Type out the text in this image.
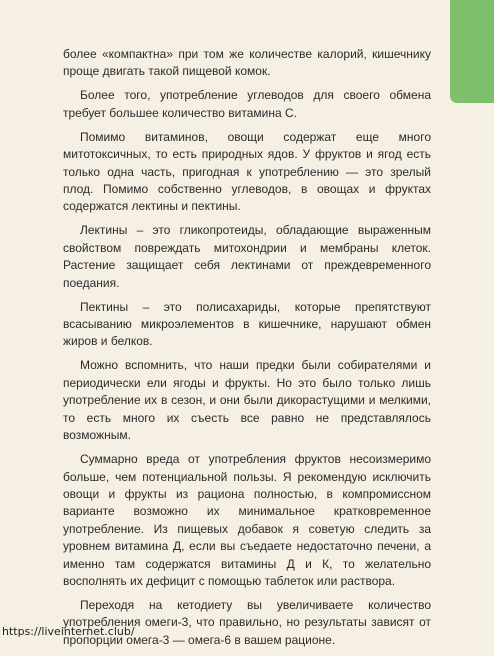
более «компактна» при том же количестве калорий, кишечнику проще двигать такой пищевой комок.

Более того, употребление углеводов для своего обмена требует большее количество витамина С.

Помимо витаминов, овощи содержат еще много митотоксичных, то есть природных ядов. У фруктов и ягод есть только одна часть, пригодная к употреблению — это зрелый плод. Помимо собственно углеводов, в овощах и фруктах содержатся лектины и пектины.

Лектины – это гликопротеиды, обладающие выраженным свойством повреждать митохондрии и мембраны клеток. Растение защищает себя лектинами от преждевременного поедания.

Пектины – это полисахариды, которые препятствуют всасыванию микроэлементов в кишечнике, нарушают обмен жиров и белков.

Можно вспомнить, что наши предки были собирателями и периодически ели ягоды и фрукты. Но это было только лишь употребление их в сезон, и они были дикорастущими и мелкими, то есть много их съесть все равно не представлялось возможным.

Суммарно вреда от употребления фруктов несоизмеримо больше, чем потенциальной пользы. Я рекомендую исключить овощи и фрукты из рациона полностью, в компромиссном варианте возможно их минимальное кратковременное употребление. Из пищевых добавок я советую следить за уровнем витамина Д, если вы съедаете недостаточно печени, а именно там содержатся витамины Д и К, то желательно восполнять их дефицит с помощью таблеток или раствора.

Переходя на кетодиету вы увеличиваете количество употребления омеги-3, что правильно, но результаты зависят от пропорции омега-3 — омега-6 в вашем рационе.

https://liveinternet.club/
